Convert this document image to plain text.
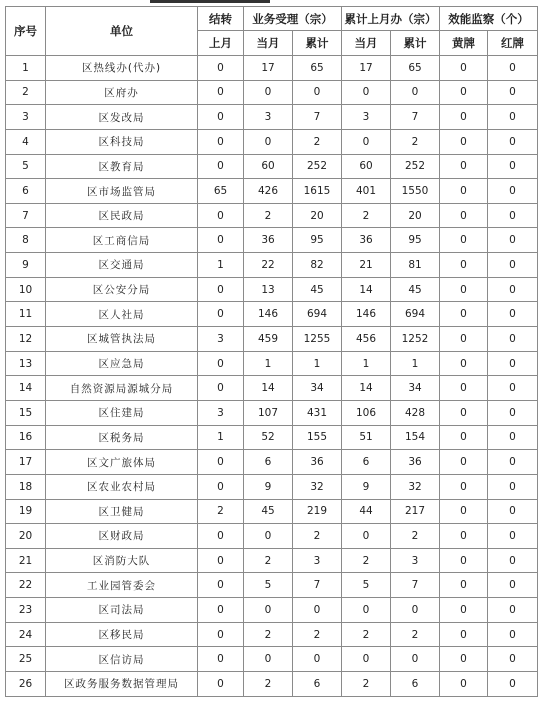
序号	单位	结转	业务受理（宗）		累计上月办（宗）		效能监察（个）	
		上月	当月	累计	当月	累计	黄牌	红牌
1	区热线办(代办)	0	17	65	17	65	0	0
2	区府办	0	0	0	0	0	0	0
3	区发改局	0	3	7	3	7	0	0
4	区科技局	0	0	2	0	2	0	0
5	区教育局	0	60	252	60	252	0	0
6	区市场监管局	65	426	1615	401	1550	0	0
7	区民政局	0	2	20	2	20	0	0
8	区工商信局	0	36	95	36	95	0	0
9	区交通局	1	22	82	21	81	0	0
10	区公安分局	0	13	45	14	45	0	0
11	区人社局	0	146	694	146	694	0	0
12	区城管执法局	3	459	1255	456	1252	0	0
13	区应急局	0	1	1	1	1	0	0
14	自然资源局源城分局	0	14	34	14	34	0	0
15	区住建局	3	107	431	106	428	0	0
16	区税务局	1	52	155	51	154	0	0
17	区文广旅体局	0	6	36	6	36	0	0
18	区农业农村局	0	9	32	9	32	0	0
19	区卫健局	2	45	219	44	217	0	0
20	区财政局	0	0	2	0	2	0	0
21	区消防大队	0	2	3	2	3	0	0
22	工业园管委会	0	5	7	5	7	0	0
23	区司法局	0	0	0	0	0	0	0
24	区移民局	0	2	2	2	2	0	0
25	区信访局	0	0	0	0	0	0	0
26	区政务服务数据管理局	0	2	6	2	6	0	0
